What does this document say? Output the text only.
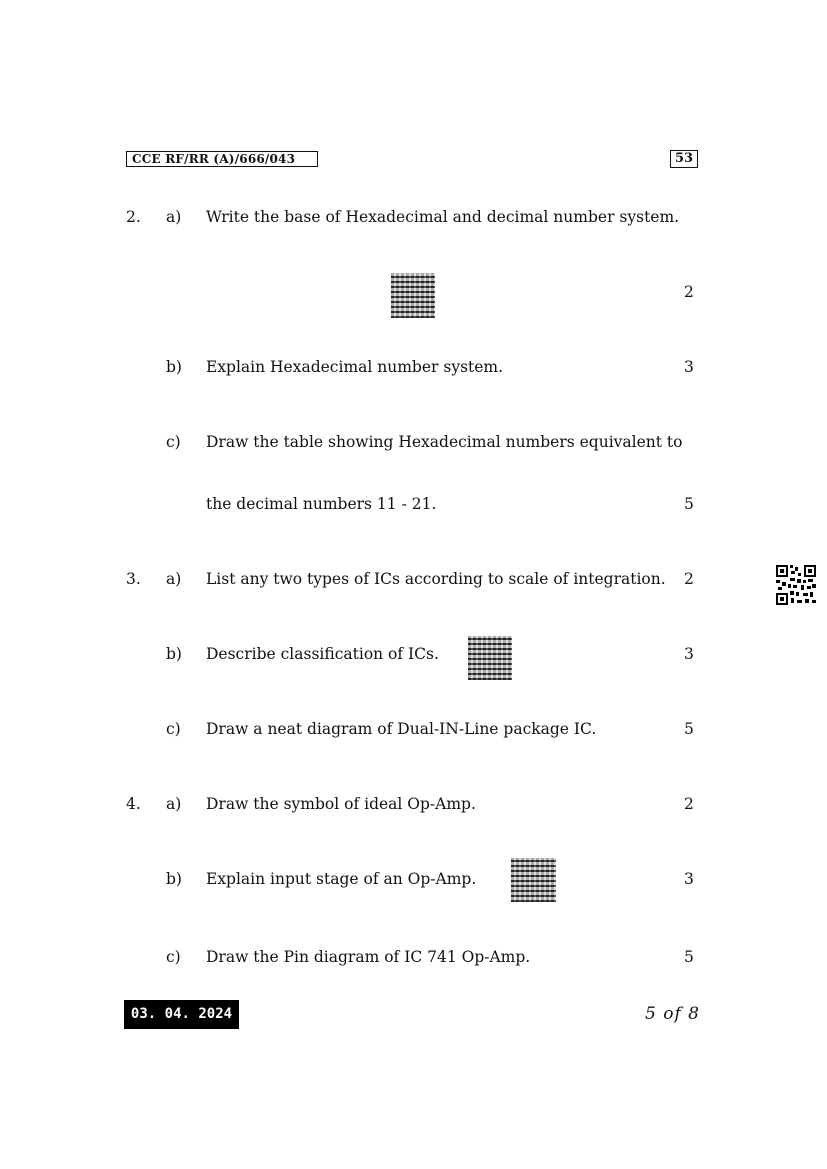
CCE RF/RR (A)/666/043	53
2. a) Write the base of Hexadecimal and decimal number system.
2
b) Explain Hexadecimal number system.	3
c) Draw the table showing Hexadecimal numbers equivalent to
the decimal numbers 11 - 21.	5
3. a) List any two types of ICs according to scale of integration. 2
b) Describe classification of ICs.	3
c) Draw a neat diagram of Dual-IN-Line package IC.	5
4. a) Draw the symbol of ideal Op-Amp.	2
b) Explain input stage of an Op-Amp.	3
c) Draw the Pin diagram of IC 741 Op-Amp.	5
03. 04. 2024	5 of 8
